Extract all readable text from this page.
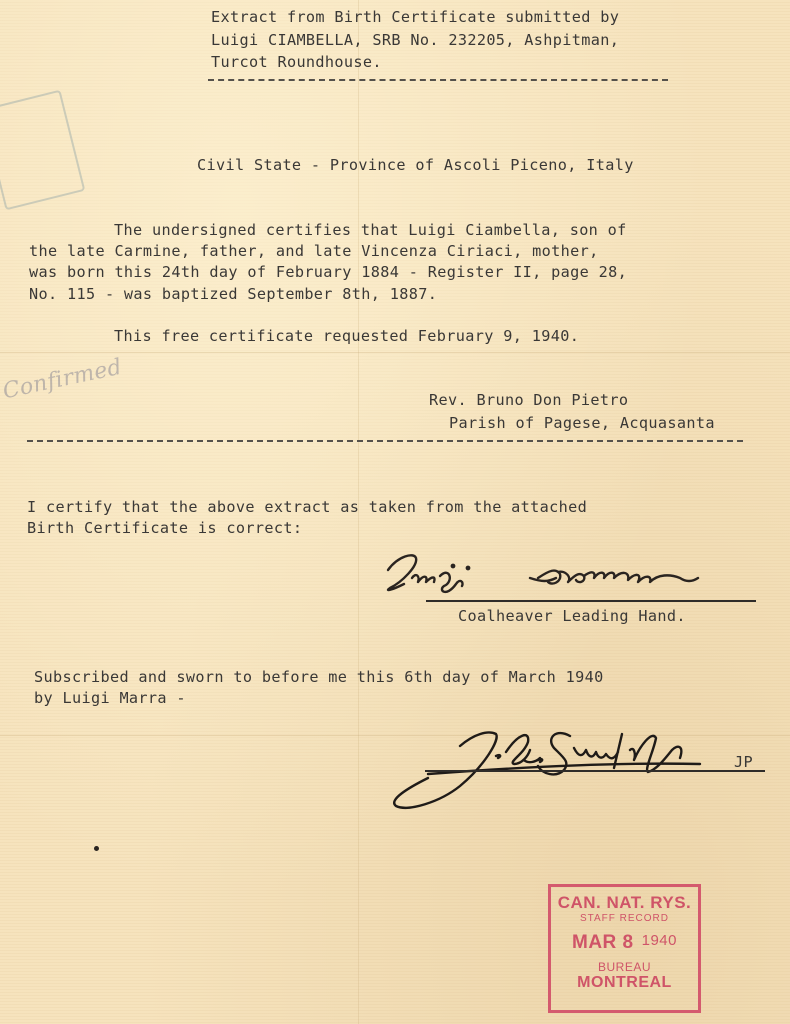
Extract from Birth Certificate submitted by
Luigi CIAMBELLA, SRB No. 232205, Ashpitman,
Turcot Roundhouse.
Civil State - Province of Ascoli Piceno, Italy
The undersigned certifies that Luigi Ciambella, son of
the late Carmine, father, and late Vincenza Ciriaci, mother,
was born this 24th day of February 1884 - Register II, page 28,
No. 115 - was baptized September 8th, 1887.
This free certificate requested February 9, 1940.
Confirmed	Rev. Bruno Don Pietro
Parish of Pagese, Acquasanta
I certify that the above extract as taken from the attached
Birth Certificate is correct:
Coalheaver Leading Hand.
Subscribed and sworn to before me this 6th day of March 1940
by Luigi Marra -
JP
CAN. NAT. RYS.
STAFF RECORD
MAR 8 1940
BUREAU
MONTREAL
